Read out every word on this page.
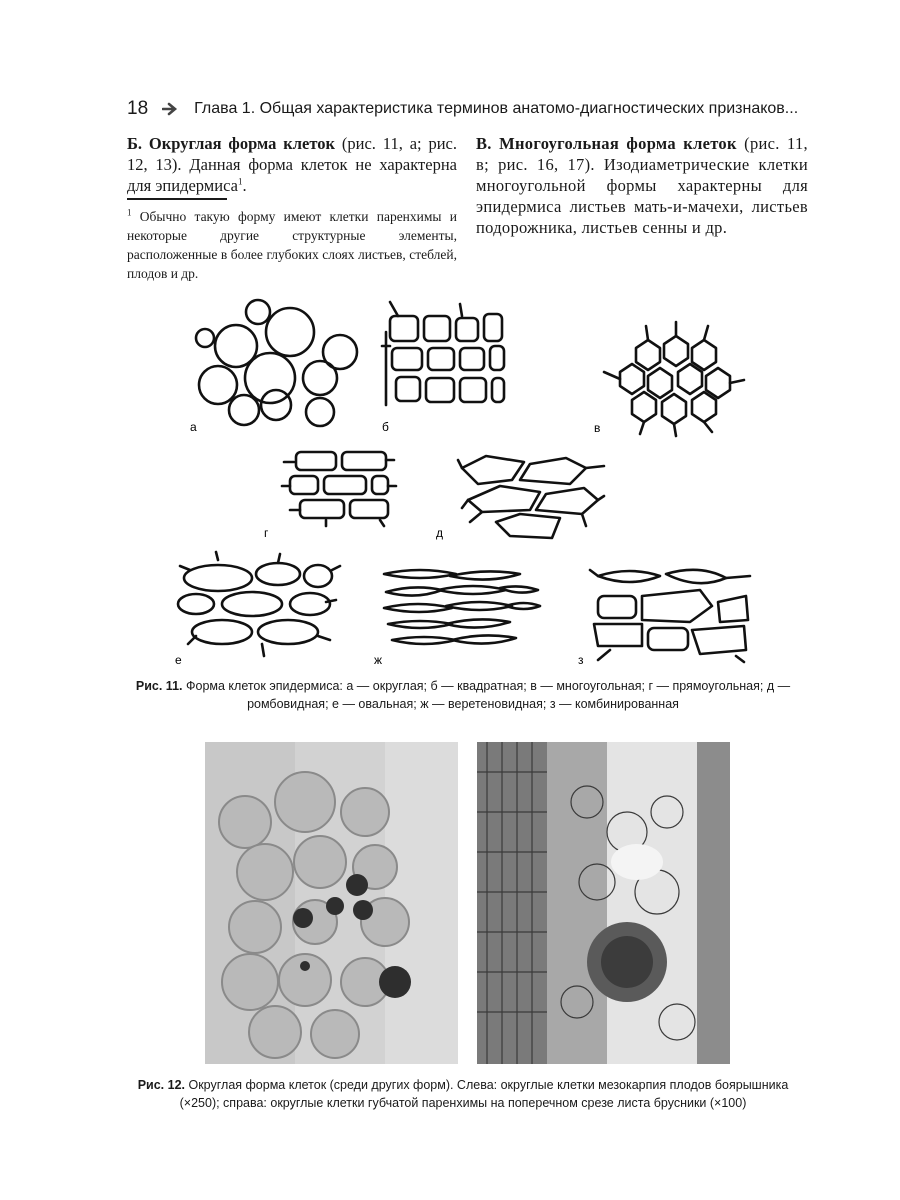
18	Глава 1. Общая характеристика терминов анатомо-диагностических признаков...
Б. Округлая форма клеток (рис. 11, а; рис. 12, 13). Данная форма клеток не характерна для эпидермиса$^1$.
$^1$ Обычно такую форму имеют клетки паренхимы и некоторые другие структурные элементы, расположенные в более глубоких слоях листьев, стеблей, плодов и др.
В. Многоугольная форма клеток (рис. 11, в; рис. 16, 17). Изодиаметрические клетки многоугольной формы характерны для эпидермиса листьев мать-и-мачехи, листьев подорожника, листьев сенны и др.
а	б	в
г	д
е	ж	з
Рис. 11. Форма клеток эпидермиса: а — округлая; б — квадратная; в — многоугольная; г — прямоугольная; д — ромбовидная; е — овальная; ж — веретеновидная; з — комбинированная
Рис. 12. Округлая форма клеток (среди других форм). Слева: округлые клетки мезокарпия плодов боярышника (×250); справа: округлые клетки губчатой паренхимы на поперечном срезе листа брусники (×100)
